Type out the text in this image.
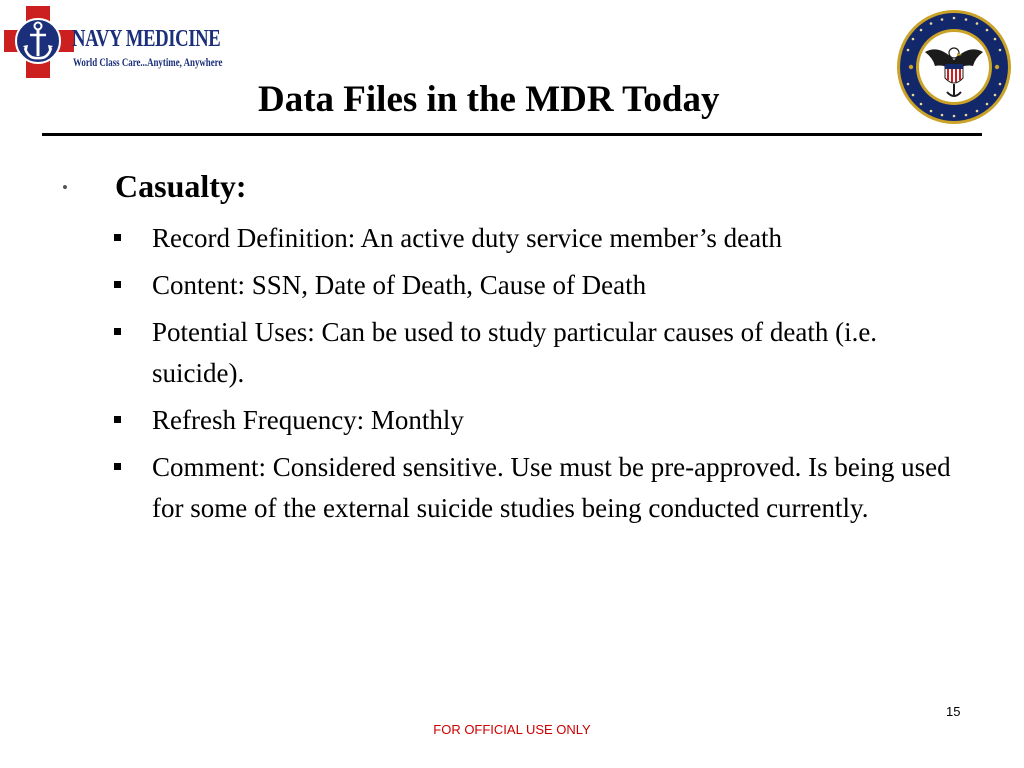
NAVY MEDICINE
World Class Care...Anytime, Anywhere
Data Files in the MDR Today
• Casualty:
Record Definition: An active duty service member’s death
Content: SSN, Date of Death, Cause of Death
Potential Uses: Can be used to study particular causes of death (i.e. suicide).
Refresh Frequency: Monthly
Comment: Considered sensitive. Use must be pre-approved. Is being used for some of the external suicide studies being conducted currently.
15
FOR OFFICIAL USE ONLY
